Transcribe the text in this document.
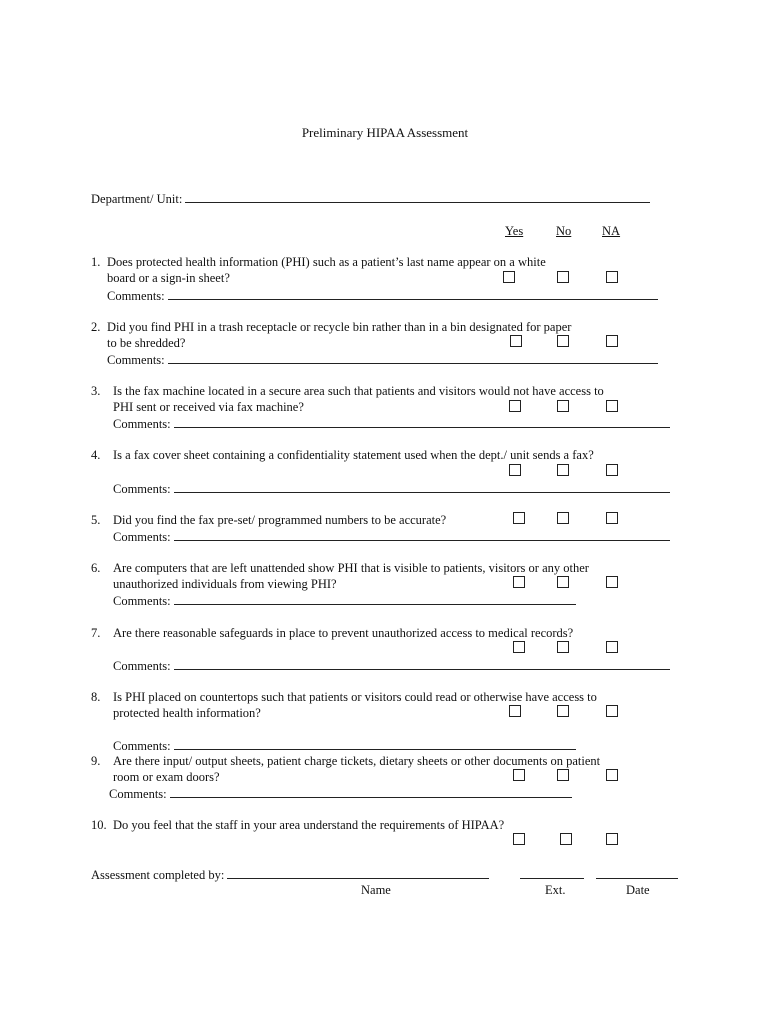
Preliminary HIPAA Assessment
Department/ Unit:
Yes	No NA
1. Does protected health information (PHI) such as a patient’s last name appear on a white
board or a sign-in sheet?
Comments:
2. Did you find PHI in a trash receptacle or recycle bin rather than in a bin designated for paper
to be shredded?
Comments:
3. Is the fax machine located in a secure area such that patients and visitors would not have access to
PHI sent or received via fax machine?
Comments:
4. Is a fax cover sheet containing a confidentiality statement used when the dept./ unit sends a fax?
Comments:
5. Did you find the fax pre-set/ programmed numbers to be accurate?
Comments:
6. Are computers that are left unattended show PHI that is visible to patients, visitors or any other
unauthorized individuals from viewing PHI?
Comments:
7. Are there reasonable safeguards in place to prevent unauthorized access to medical records?
Comments:
8. Is PHI placed on countertops such that patients or visitors could read or otherwise have access to
protected health information?
Comments:
9. Are there input/ output sheets, patient charge tickets, dietary sheets or other documents on patient
room or exam doors?
Comments:
10. Do you feel that the staff in your area understand the requirements of HIPAA?
Assessment completed by:
Name	Ext.	Date
